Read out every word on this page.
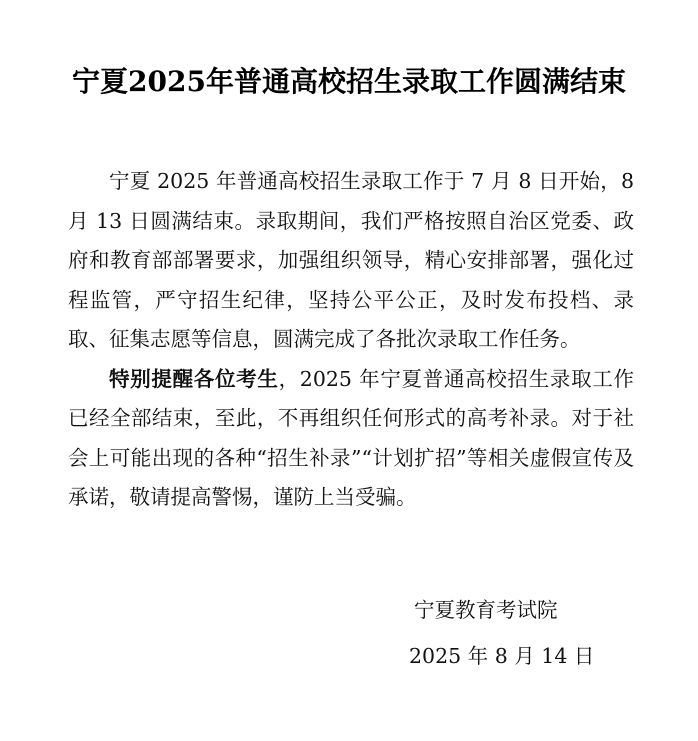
宁夏2025年普通高校招生录取工作圆满结束

宁夏 2025 年普通高校招生录取工作于 7 月 8 日开始，8 月 13 日圆满结束。录取期间，我们严格按照自治区党委、政府和教育部部署要求，加强组织领导，精心安排部署，强化过程监管，严守招生纪律，坚持公平公正，及时发布投档、录取、征集志愿等信息，圆满完成了各批次录取工作任务。

特别提醒各位考生，2025 年宁夏普通高校招生录取工作已经全部结束，至此，不再组织任何形式的高考补录。对于社会上可能出现的各种“招生补录”“计划扩招”等相关虚假宣传及承诺，敬请提高警惕，谨防上当受骗。

宁夏教育考试院
2025 年 8 月 14 日
